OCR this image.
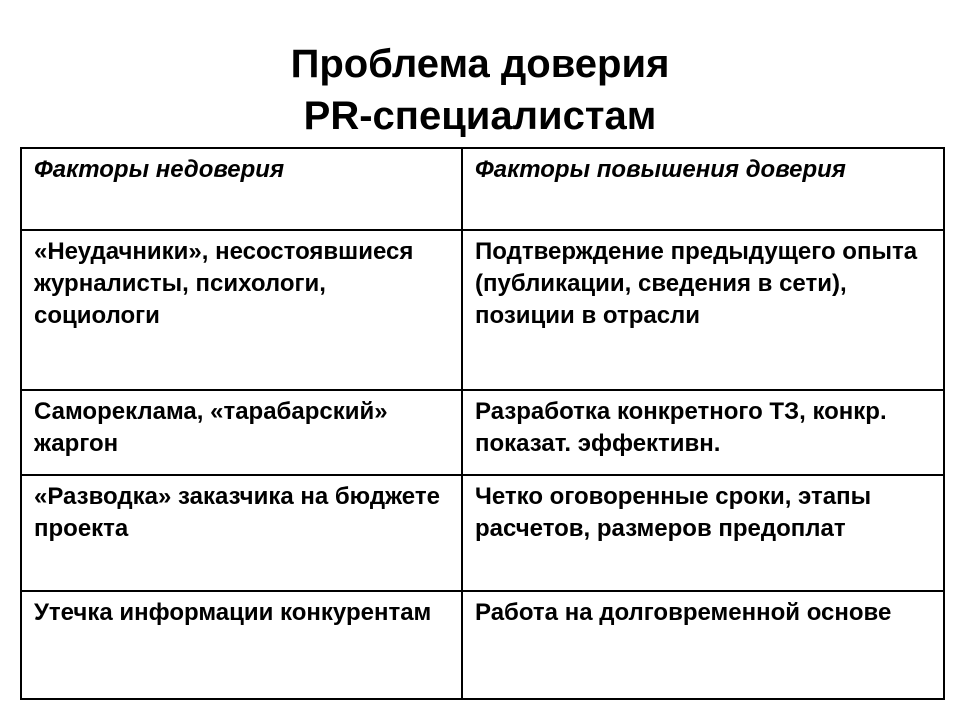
Проблема доверия
PR-специалистам
Факторы недоверия	Факторы повышения доверия
«Неудачники», несостоявшиеся журналисты, психологи, социологи	Подтверждение предыдущего опыта (публикации, сведения в сети), позиции в отрасли
Самореклама, «тарабарский» жаргон	Разработка конкретного ТЗ, конкр. показат. эффективн.
«Разводка» заказчика на бюджете проекта	Четко оговоренные сроки, этапы расчетов, размеров предоплат
Утечка информации конкурентам	Работа на долговременной основе
